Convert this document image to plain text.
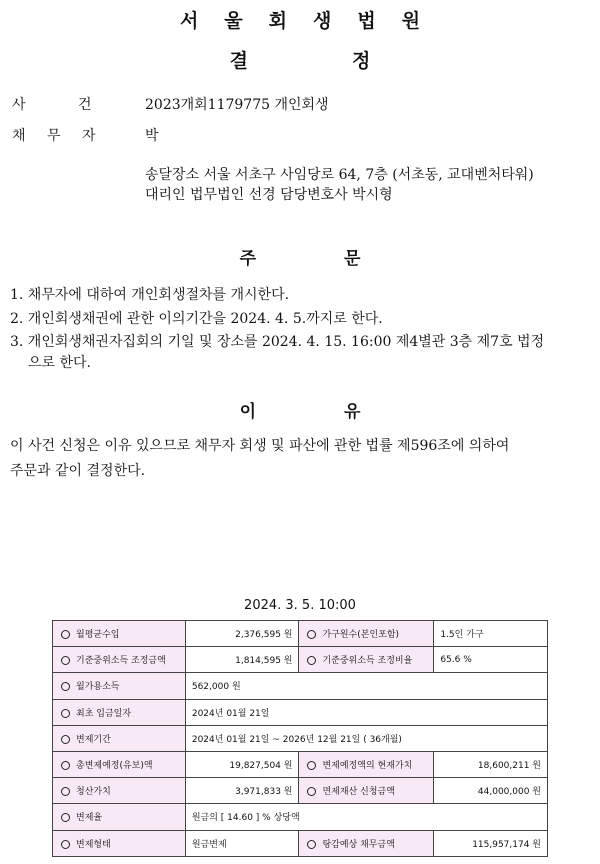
서울회생법원
결	정
사	건	2023개회1179775 개인회생
채 무 자	박
송달장소 서울 서초구 사임당로 64, 7층 (서초동, 교대벤처타워)
대리인 법무법인 선경 담당변호사 박시형
주	문
1. 채무자에 대하여 개인회생절차를 개시한다.
2. 개인회생채권에 관한 이의기간을 2024. 4. 5.까지로 한다.
3. 개인회생채권자집회의 기일 및 장소를 2024. 4. 15. 16:00 제4별관 3층 제7호 법정
으로 한다.
이	유
이 사건 신청은 이유 있으므로 채무자 회생 및 파산에 관한 법률 제596조에 의하여
주문과 같이 결정한다.
2024. 3. 5. 10:00
월평균수입	2,376,595 원	가구원수(본인포함)	1.5인 가구
기준중위소득 조정금액	1,814,595 원	기준중위소득 조정비율	65.6 %
월가용소득	562,000 원		
최초 입금일자	2024년 01월 21일		
변제기간	2024년 01월 21일 ~ 2026년 12월 21일 ( 36개월)		
총변제예정(유보)액	19,827,504 원	변제예정액의 현재가치	18,600,211 원
청산가치	3,971,833 원	면제재산 신청금액	44,000,000 원
변제율	원금의 [ 14.60 ] % 상당액		
변제형태	원금변제	탕감예상 채무금액	115,957,174 원
